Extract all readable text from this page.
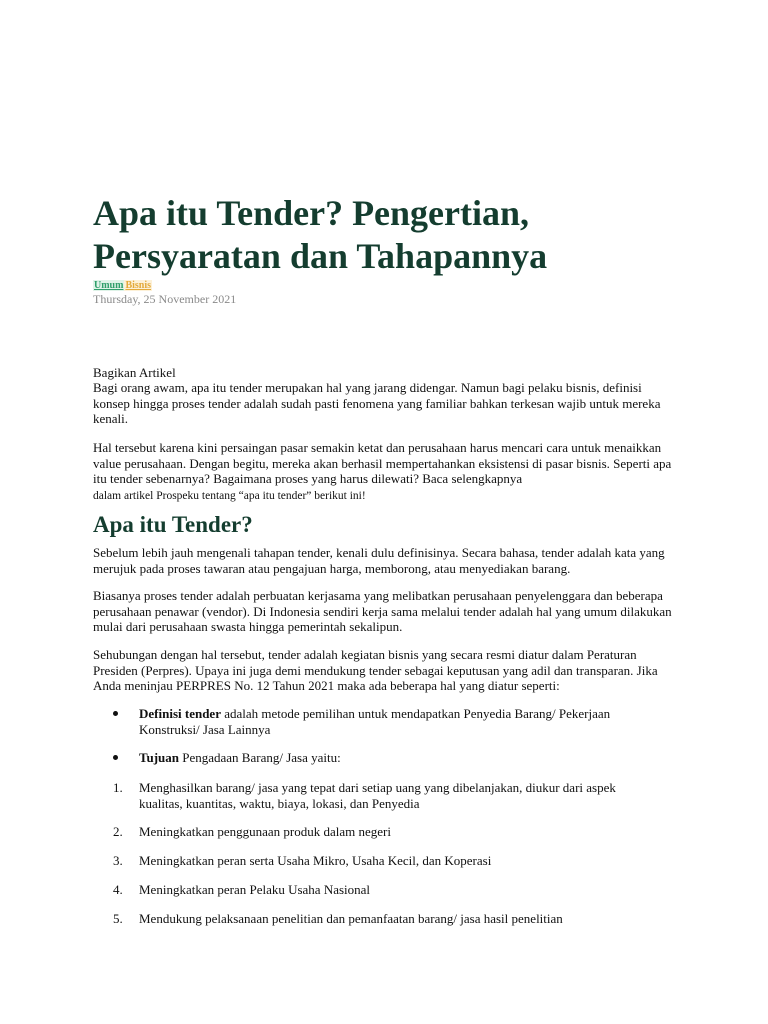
Apa itu Tender? Pengertian, Persyaratan dan Tahapannya
Umum Bisnis
Thursday, 25 November 2021

Bagikan Artikel

Bagi orang awam, apa itu tender merupakan hal yang jarang didengar. Namun bagi pelaku bisnis, definisi konsep hingga proses tender adalah sudah pasti fenomena yang familiar bahkan terkesan wajib untuk mereka kenali.

Hal tersebut karena kini persaingan pasar semakin ketat dan perusahaan harus mencari cara untuk menaikkan value perusahaan. Dengan begitu, mereka akan berhasil mempertahankan eksistensi di pasar bisnis. Seperti apa itu tender sebenarnya? Bagaimana proses yang harus dilewati? Baca selengkapnya
dalam artikel Prospeku tentang “apa itu tender” berikut ini!

Apa itu Tender?

Sebelum lebih jauh mengenali tahapan tender, kenali dulu definisinya. Secara bahasa, tender adalah kata yang merujuk pada proses tawaran atau pengajuan harga, memborong, atau menyediakan barang.

Biasanya proses tender adalah perbuatan kerjasama yang melibatkan perusahaan penyelenggara dan beberapa perusahaan penawar (vendor). Di Indonesia sendiri kerja sama melalui tender adalah hal yang umum dilakukan mulai dari perusahaan swasta hingga pemerintah sekalipun.

Sehubungan dengan hal tersebut, tender adalah kegiatan bisnis yang secara resmi diatur dalam Peraturan Presiden (Perpres). Upaya ini juga demi mendukung tender sebagai keputusan yang adil dan transparan. Jika Anda meninjau PERPRES No. 12 Tahun 2021 maka ada beberapa hal yang diatur seperti:

Definisi tender adalah metode pemilihan untuk mendapatkan Penyedia Barang/ Pekerjaan Konstruksi/ Jasa Lainnya
Tujuan Pengadaan Barang/ Jasa yaitu:
1.	Menghasilkan barang/ jasa yang tepat dari setiap uang yang dibelanjakan, diukur dari aspek kualitas, kuantitas, waktu, biaya, lokasi, dan Penyedia
2.	Meningkatkan penggunaan produk dalam negeri
3.	Meningkatkan peran serta Usaha Mikro, Usaha Kecil, dan Koperasi
4.	Meningkatkan peran Pelaku Usaha Nasional
5.	Mendukung pelaksanaan penelitian dan pemanfaatan barang/ jasa hasil penelitian
